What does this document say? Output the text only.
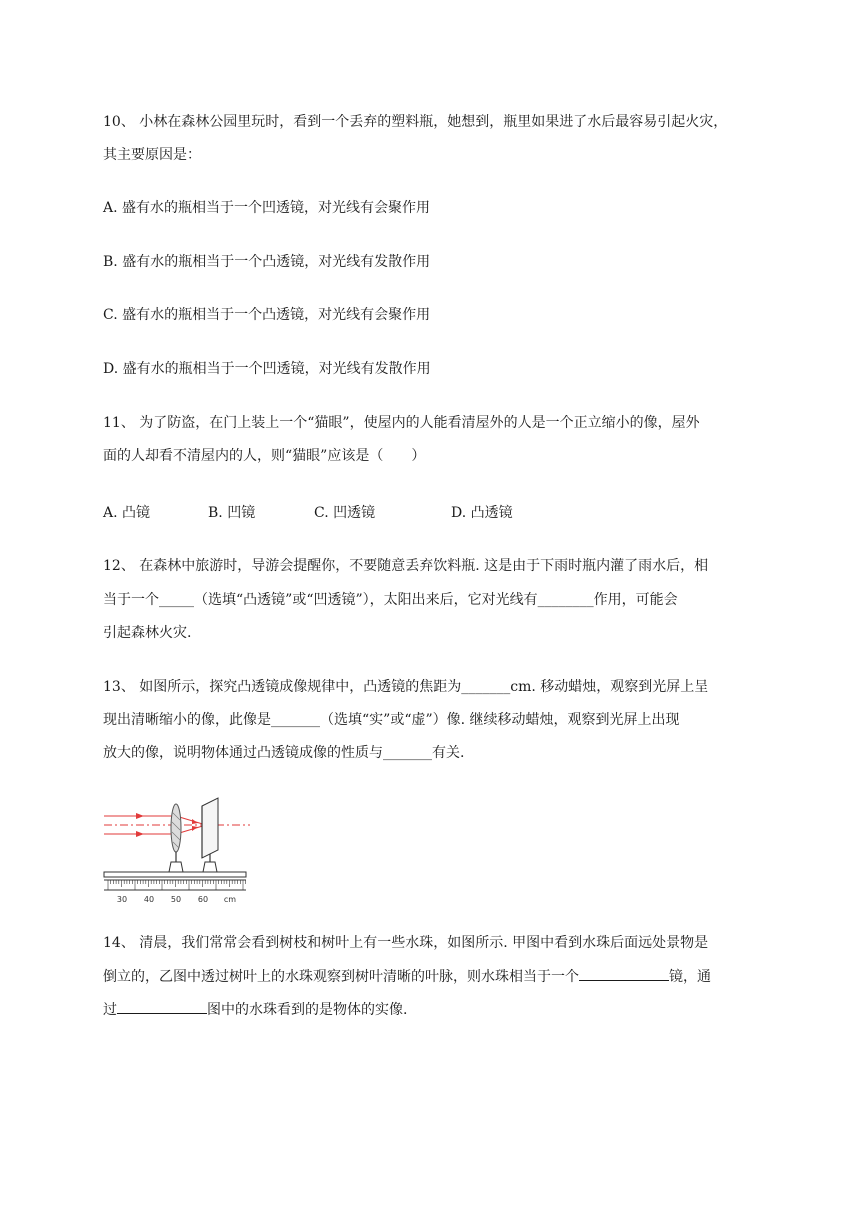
10、 小林在森林公园里玩时，看到一个丢弃的塑料瓶，她想到，瓶里如果进了水后最容易引起火灾，
其主要原因是：
A. 盛有水的瓶相当于一个凹透镜，对光线有会聚作用
B. 盛有水的瓶相当于一个凸透镜，对光线有发散作用
C. 盛有水的瓶相当于一个凸透镜，对光线有会聚作用
D. 盛有水的瓶相当于一个凹透镜，对光线有发散作用
11、 为了防盗，在门上装上一个“猫眼”，使屋内的人能看清屋外的人是一个正立缩小的像，屋外
面的人却看不清屋内的人，则“猫眼”应该是（　　）
A. 凸镜	B. 凹镜	C. 凹透镜	D. 凸透镜
12、 在森林中旅游时，导游会提醒你，不要随意丢弃饮料瓶. 这是由于下雨时瓶内灌了雨水后，相
当于一个_____（选填“凸透镜”或“凹透镜”），太阳出来后，它对光线有________作用，可能会
引起森林火灾.
13、 如图所示，探究凸透镜成像规律中，凸透镜的焦距为_______cm. 移动蜡烛，观察到光屏上呈
现出清晰缩小的像，此像是_______（选填“实”或“虚”）像. 继续移动蜡烛，观察到光屏上出现
放大的像，说明物体通过凸透镜成像的性质与_______有关.
30 40 50 60 cm
14、 清晨，我们常常会看到树枝和树叶上有一些水珠，如图所示. 甲图中看到水珠后面远处景物是
倒立的，乙图中透过树叶上的水珠观察到树叶清晰的叶脉，则水珠相当于一个	镜，通
过	图中的水珠看到的是物体的实像.
